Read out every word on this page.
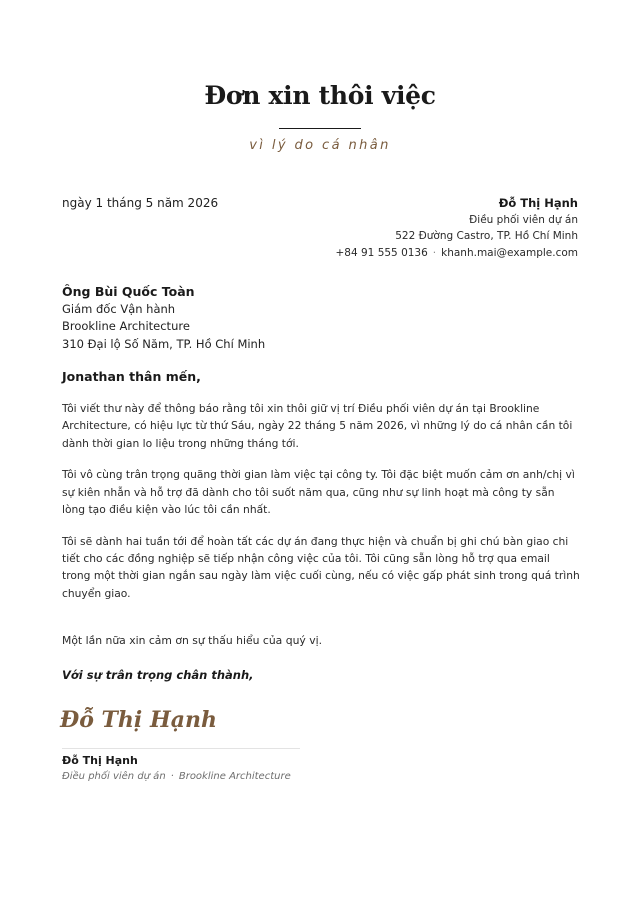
Đơn xin thôi việc
vì lý do cá nhân
ngày 1 tháng 5 năm 2026	Đỗ Thị Hạnh
Điều phối viên dự án
522 Đường Castro, TP. Hồ Chí Minh
+84 91 555 0136 · khanh.mai@example.com
Ông Bùi Quốc Toàn
Giám đốc Vận hành
Brookline Architecture
310 Đại lộ Số Năm, TP. Hồ Chí Minh
Jonathan thân mến,

Tôi viết thư này để thông báo rằng tôi xin thôi giữ vị trí Điều phối viên dự án tại Brookline Architecture, có hiệu lực từ thứ Sáu, ngày 22 tháng 5 năm 2026, vì những lý do cá nhân cần tôi dành thời gian lo liệu trong những tháng tới.

Tôi vô cùng trân trọng quãng thời gian làm việc tại công ty. Tôi đặc biệt muốn cảm ơn anh/chị vì sự kiên nhẫn và hỗ trợ đã dành cho tôi suốt năm qua, cũng như sự linh hoạt mà công ty sẵn lòng tạo điều kiện vào lúc tôi cần nhất.

Tôi sẽ dành hai tuần tới để hoàn tất các dự án đang thực hiện và chuẩn bị ghi chú bàn giao chi tiết cho các đồng nghiệp sẽ tiếp nhận công việc của tôi. Tôi cũng sẵn lòng hỗ trợ qua email trong một thời gian ngắn sau ngày làm việc cuối cùng, nếu có việc gấp phát sinh trong quá trình chuyển giao.

Một lần nữa xin cảm ơn sự thấu hiểu của quý vị.
Với sự trân trọng chân thành,
Đỗ Thị Hạnh
Đỗ Thị Hạnh
Điều phối viên dự án · Brookline Architecture
